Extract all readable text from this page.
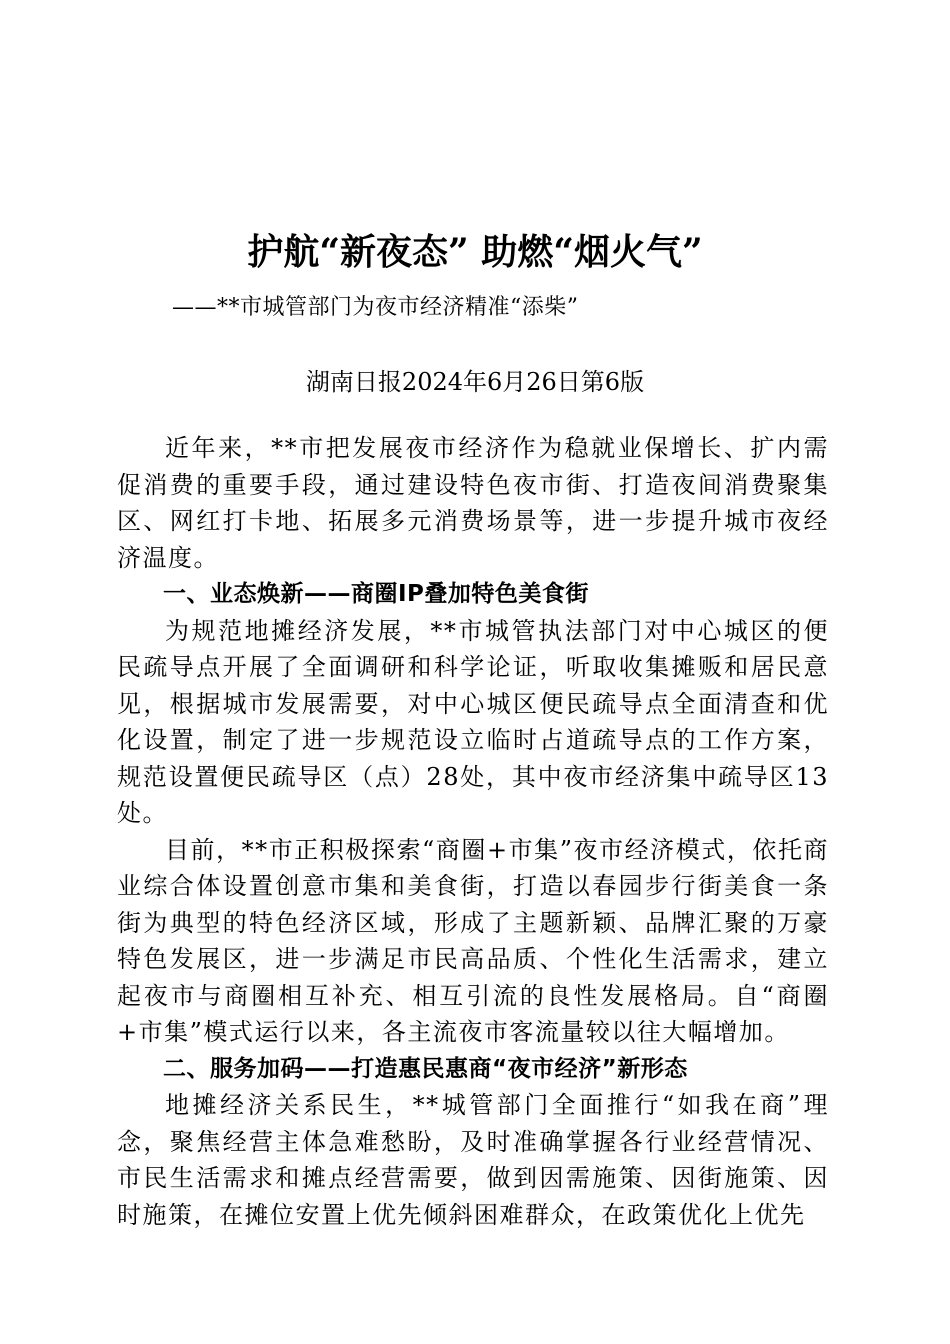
护航“新夜态” 助燃“烟火气”
——**市城管部门为夜市经济精准“添柴”
湖南日报2024年6月26日第6版

近年来，**市把发展夜市经济作为稳就业保增长、扩内需促消费的重要手段，通过建设特色夜市街、打造夜间消费聚集区、网红打卡地、拓展多元消费场景等，进一步提升城市夜经济温度。

一、业态焕新——商圈IP叠加特色美食街

为规范地摊经济发展，**市城管执法部门对中心城区的便民疏导点开展了全面调研和科学论证，听取收集摊贩和居民意见，根据城市发展需要，对中心城区便民疏导点全面清查和优化设置，制定了进一步规范设立临时占道疏导点的工作方案，规范设置便民疏导区（点）28处，其中夜市经济集中疏导区13处。

目前，**市正积极探索“商圈+市集”夜市经济模式，依托商业综合体设置创意市集和美食街，打造以春园步行街美食一条街为典型的特色经济区域，形成了主题新颖、品牌汇聚的万豪特色发展区，进一步满足市民高品质、个性化生活需求，建立起夜市与商圈相互补充、相互引流的良性发展格局。自“商圈+市集”模式运行以来，各主流夜市客流量较以往大幅增加。

二、服务加码——打造惠民惠商“夜市经济”新形态

地摊经济关系民生，**城管部门全面推行“如我在商”理念，聚焦经营主体急难愁盼，及时准确掌握各行业经营情况、市民生活需求和摊点经营需要，做到因需施策、因街施策、因时施策，在摊位安置上优先倾斜困难群众，在政策优化上优先
